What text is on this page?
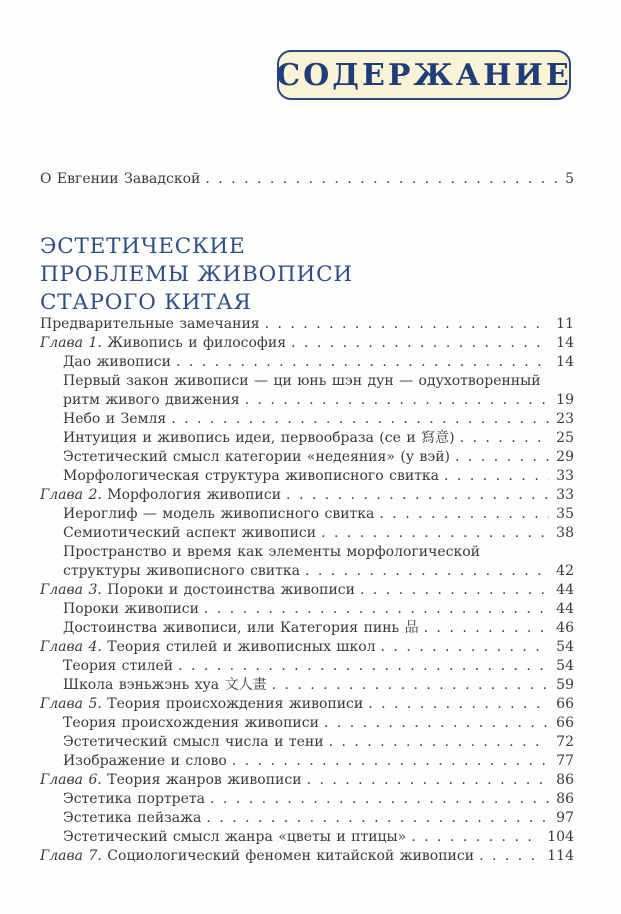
СОДЕРЖАНИЕ
О Евгении Завадской . . .	5
ЭСТЕТИЧЕСКИЕ
ПРОБЛЕМЫ ЖИВОПИСИ
СТАРОГО КИТАЯ
Предварительные замечания . . .	11
Глава 1. Живопись и философия . . .	14
Дао живописи . . .	14
Первый закон живописи — ци юнь шэн дун — одухотворенный
ритм живого движения . . .	19
Небо и Земля . . .	23
Интуиция и живопись идеи, первообраза (се и 寫意) . . .	25
Эстетический смысл категории «недеяния» (у вэй) . . .	29
Морфологическая структура живописного свитка . . .	33
Глава 2. Морфология живописи . . .	33
Иероглиф — модель живописного свитка . . .	35
Семиотический аспект живописи . . .	38
Пространство и время как элементы морфологической
структуры живописного свитка . . .	42
Глава 3. Пороки и достоинства живописи . . .	44
Пороки живописи . . .	44
Достоинства живописи, или Категория пинь 品 . . .	46
Глава 4. Теория стилей и живописных школ . . .	54
Теория стилей . . .	54
Школа вэньжэнь хуа 文人畫 . . .	59
Глава 5. Теория происхождения живописи . . .	66
Теория происхождения живописи . . .	66
Эстетический смысл числа и тени . . .	72
Изображение и слово . . .	77
Глава 6. Теория жанров живописи . . .	86
Эстетика портрета . . .	86
Эстетика пейзажа . . .	97
Эстетический смысл жанра «цветы и птицы» . . .	104
Глава 7. Социологический феномен китайской живописи . . .	114
